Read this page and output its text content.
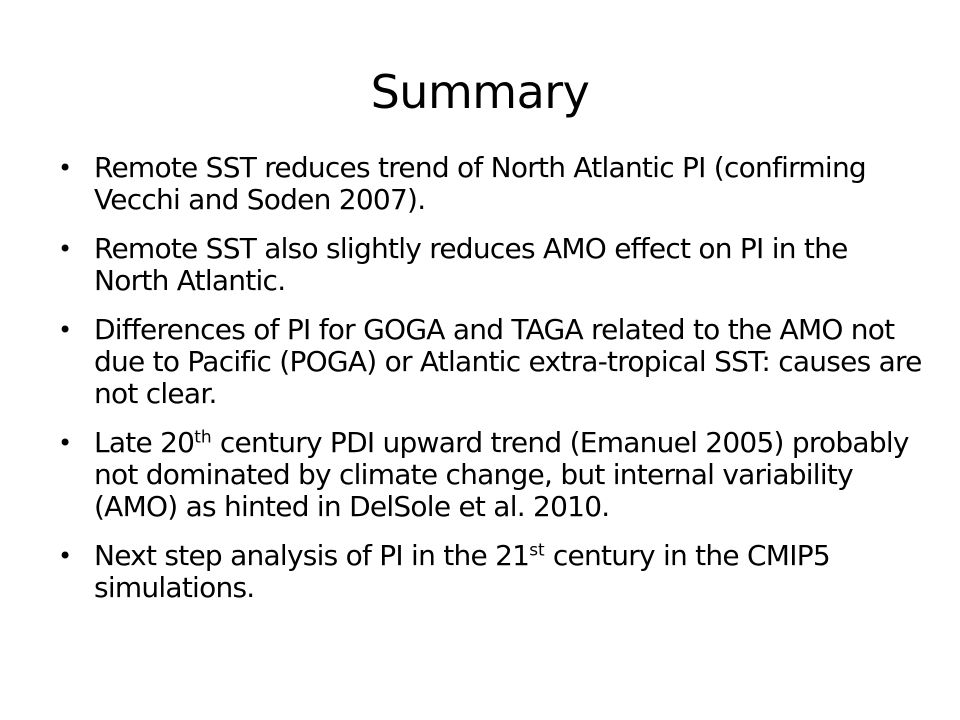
Summary
• Remote SST reduces trend of North Atlantic PI (confirming Vecchi and Soden 2007).
• Remote SST also slightly reduces AMO effect on PI in the North Atlantic.
• Differences of PI for GOGA and TAGA related to the AMO not due to Pacific (POGA) or Atlantic extra-tropical SST: causes are not clear.
• Late 20th century PDI upward trend (Emanuel 2005) probably not dominated by climate change, but internal variability (AMO) as hinted in DelSole et al. 2010.
• Next step analysis of PI in the 21st century in the CMIP5 simulations.
